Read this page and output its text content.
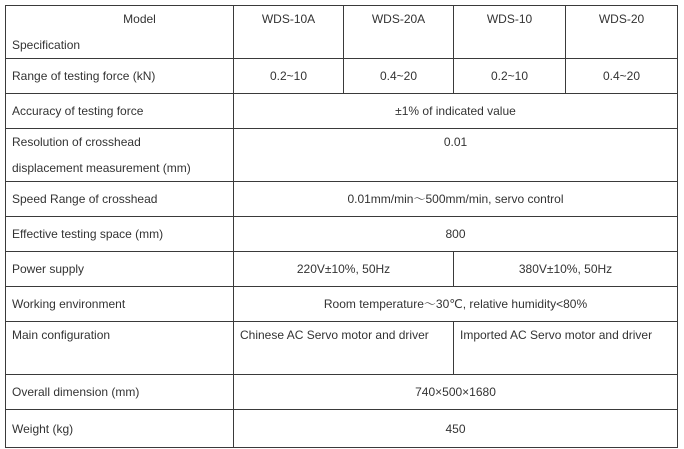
Model
Specification	WDS-10A	WDS-20A	WDS-10	WDS-20
Range of testing force (kN)	0.2~10	0.4~20	0.2~10	0.4~20
Accuracy of testing force	±1% of indicated value			

Resolution of crosshead
displacement measurement (mm)	0.01			
Speed Range of crosshead	0.01mm/min～500mm/min, servo control			
Effective testing space (mm)	800			
Power supply	220V±10%, 50Hz		380V±10%, 50Hz	
Working environment	Room temperature～30℃, relative humidity<80%			
Main configuration	Chinese AC Servo motor and driver		Imported AC Servo motor and driver	
Overall dimension (mm)	740×500×1680			
Weight (kg)	450			
